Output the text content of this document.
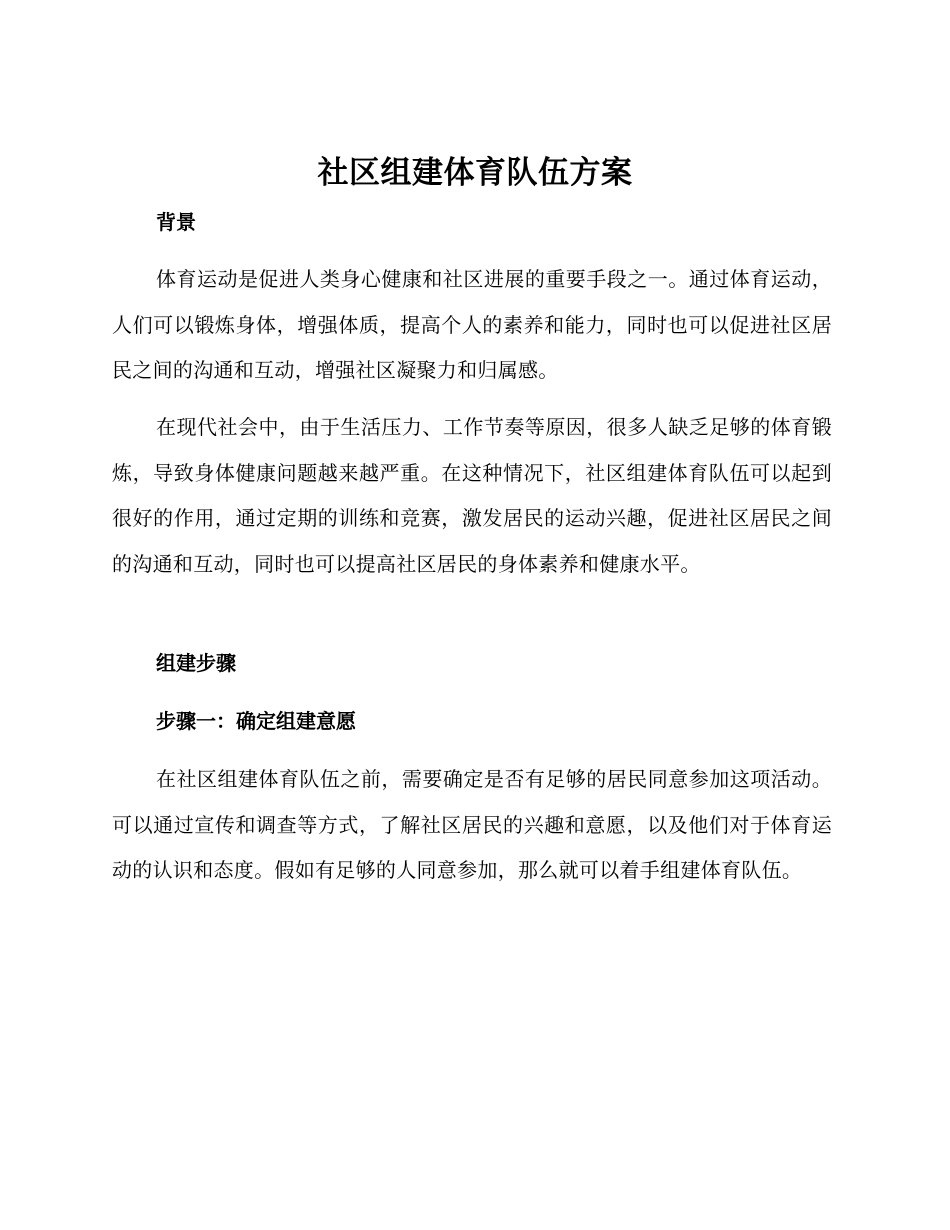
社区组建体育队伍方案
背景

体育运动是促进人类身心健康和社区进展的重要手段之一。通过体育运动，人们可以锻炼身体，增强体质，提高个人的素养和能力，同时也可以促进社区居民之间的沟通和互动，增强社区凝聚力和归属感。

在现代社会中，由于生活压力、工作节奏等原因，很多人缺乏足够的体育锻炼，导致身体健康问题越来越严重。在这种情况下，社区组建体育队伍可以起到很好的作用，通过定期的训练和竞赛，激发居民的运动兴趣，促进社区居民之间的沟通和互动，同时也可以提高社区居民的身体素养和健康水平。

组建步骤
步骤一：确定组建意愿

在社区组建体育队伍之前，需要确定是否有足够的居民同意参加这项活动。可以通过宣传和调查等方式，了解社区居民的兴趣和意愿，以及他们对于体育运动的认识和态度。假如有足够的人同意参加，那么就可以着手组建体育队伍。
